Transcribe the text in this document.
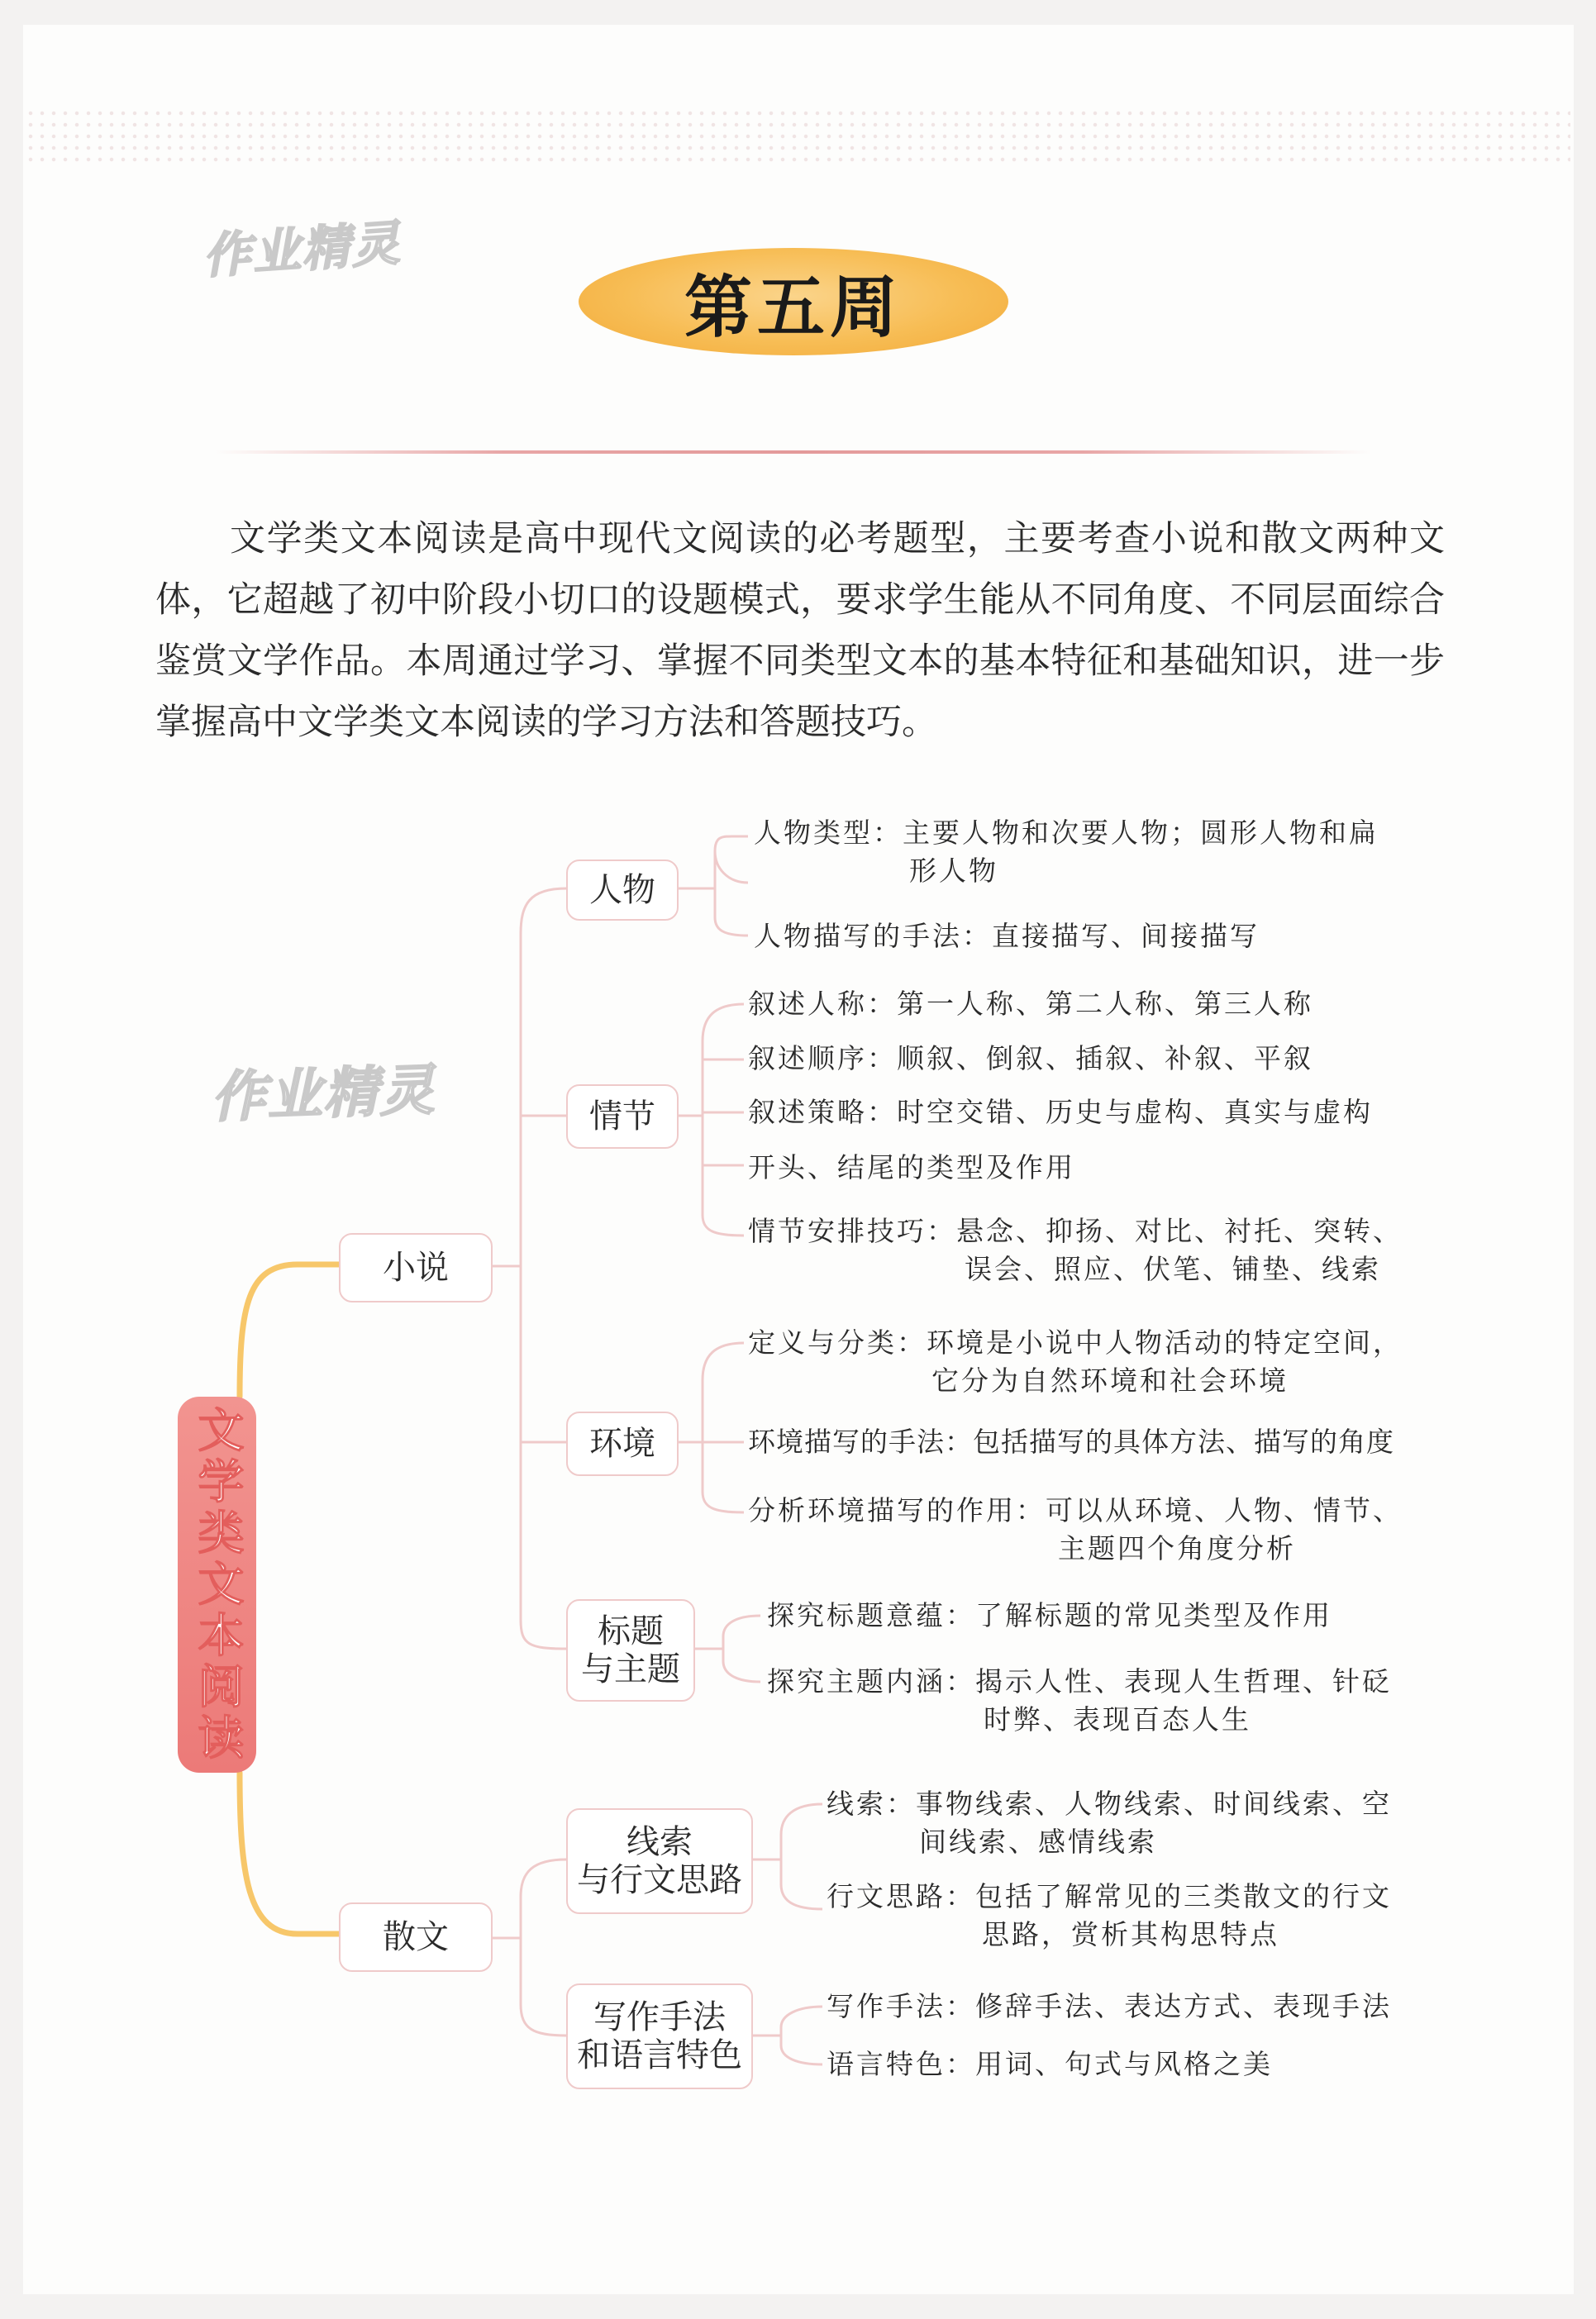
作业精灵
作业精灵
第五周
文学类文本阅读是高中现代文阅读的必考题型，主要考查小说和散文两种文体，它超越了初中阶段小切口的设题模式，要求学生能从不同角度、不同层面综合鉴赏文学作品。本周通过学习、掌握不同类型文本的基本特征和基础知识，进一步掌握高中文学类文本阅读的学习方法和答题技巧。
文学类文本阅读
小说
散文
人物
情节
环境
标题
与主题
线索
与行文思路
写作手法
和语言特色
人物类型：主要人物和次要人物；圆形人物和扁
形人物
人物描写的手法：直接描写、间接描写
叙述人称：第一人称、第二人称、第三人称
叙述顺序：顺叙、倒叙、插叙、补叙、平叙
叙述策略：时空交错、历史与虚构、真实与虚构
开头、结尾的类型及作用
情节安排技巧：悬念、抑扬、对比、衬托、突转、
误会、照应、伏笔、铺垫、线索
定义与分类：环境是小说中人物活动的特定空间，
它分为自然环境和社会环境
环境描写的手法：包括描写的具体方法、描写的角度
分析环境描写的作用：可以从环境、人物、情节、
主题四个角度分析
探究标题意蕴：了解标题的常见类型及作用
探究主题内涵：揭示人性、表现人生哲理、针砭
时弊、表现百态人生
线索：事物线索、人物线索、时间线索、空
间线索、感情线索
行文思路：包括了解常见的三类散文的行文
思路，赏析其构思特点
写作手法：修辞手法、表达方式、表现手法
语言特色：用词、句式与风格之美
